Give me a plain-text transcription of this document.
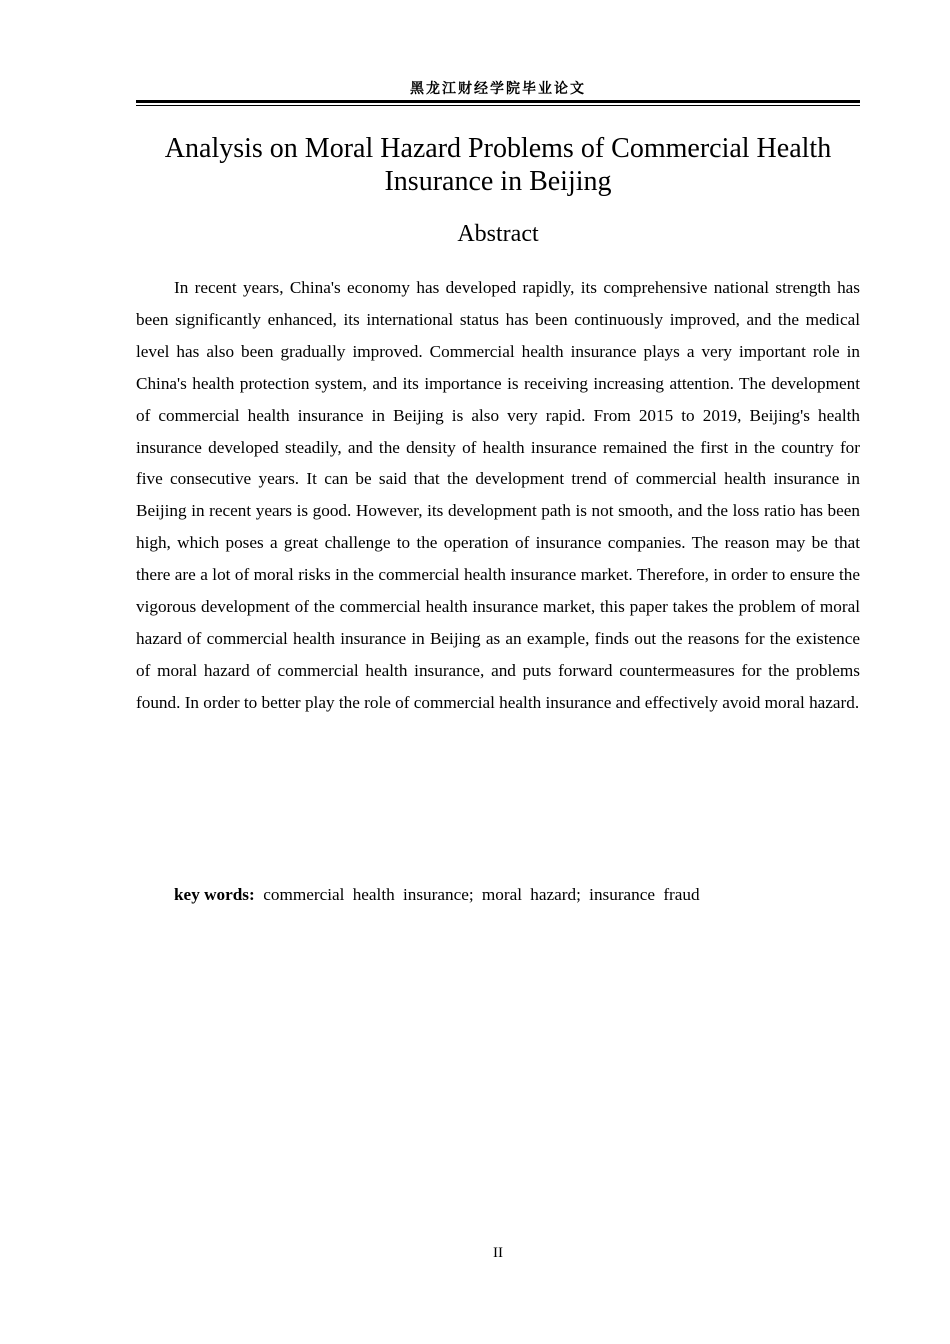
黑龙江财经学院毕业论文
Analysis on Moral Hazard Problems of Commercial Health Insurance in Beijing
Abstract

In recent years, China's economy has developed rapidly, its comprehensive national strength has been significantly enhanced, its international status has been continuously improved, and the medical level has also been gradually improved. Commercial health insurance plays a very important role in China's health protection system, and its importance is receiving increasing attention. The development of commercial health insurance in Beijing is also very rapid. From 2015 to 2019, Beijing's health insurance developed steadily, and the density of health insurance remained the first in the country for five consecutive years. It can be said that the development trend of commercial health insurance in Beijing in recent years is good. However, its development path is not smooth, and the loss ratio has been high, which poses a great challenge to the operation of insurance companies. The reason may be that there are a lot of moral risks in the commercial health insurance market. Therefore, in order to ensure the vigorous development of the commercial health insurance market, this paper takes the problem of moral hazard of commercial health insurance in Beijing as an example, finds out the reasons for the existence of moral hazard of commercial health insurance, and puts forward countermeasures for the problems found. In order to better play the role of commercial health insurance and effectively avoid moral hazard.

key words: commercial health insurance; moral hazard; insurance fraud

II
